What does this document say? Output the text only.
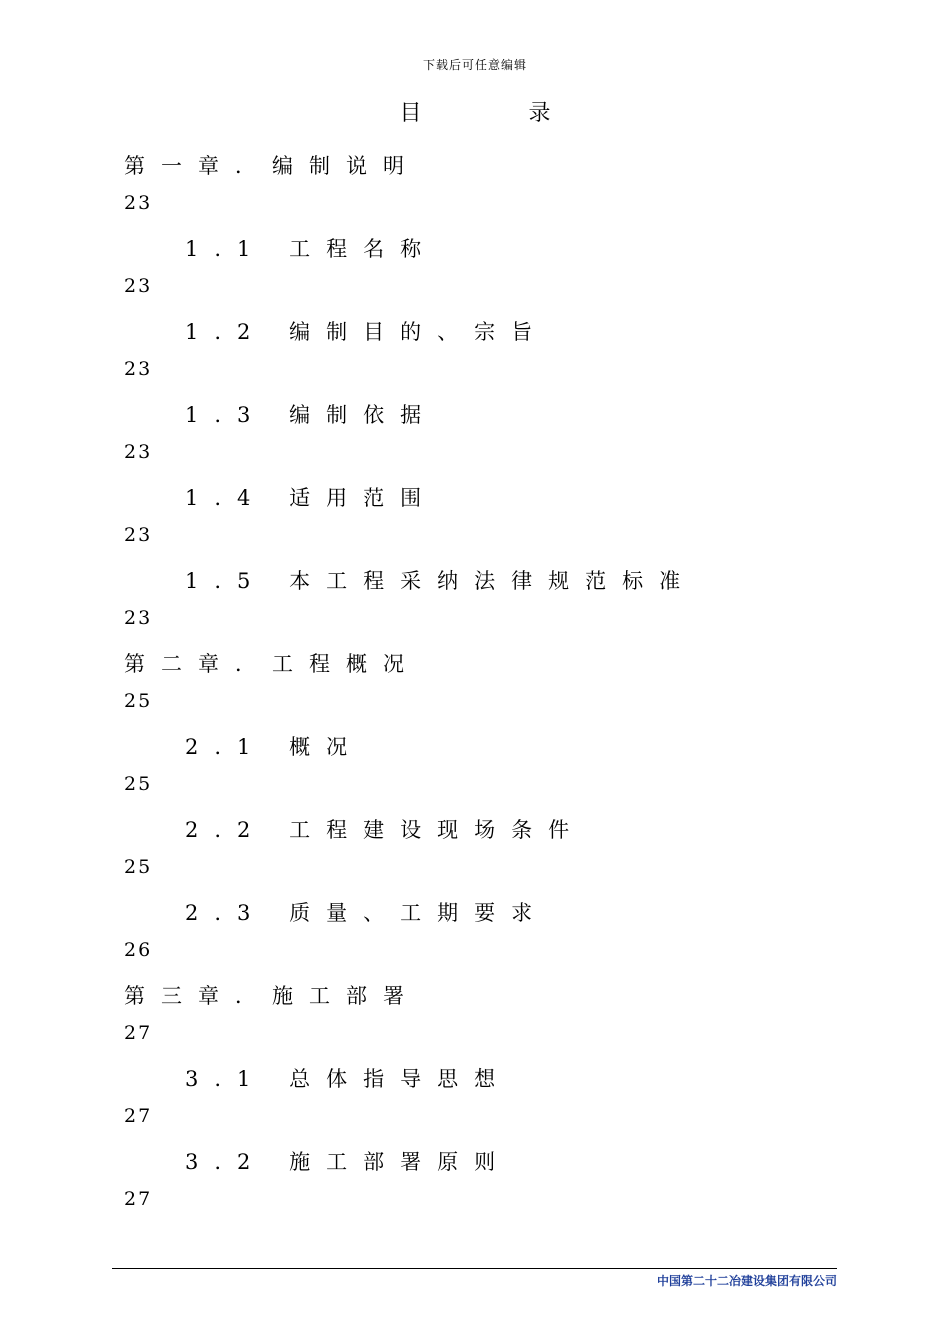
下载后可任意编辑
目 录
第一章．编制说明
23
1.1 工程名称
23
1.2 编制目的、宗旨
23
1.3 编制依据
23
1.4 适用范围
23
1.5 本工程采纳法律规范标准
23
第二章．工程概况
25
2.1 概况
25
2.2 工程建设现场条件
25
2.3 质量、工期要求
26
第三章．施工部署
27
3.1 总体指导思想
27
3.2 施工部署原则
27
中国第二十二冶建设集团有限公司
